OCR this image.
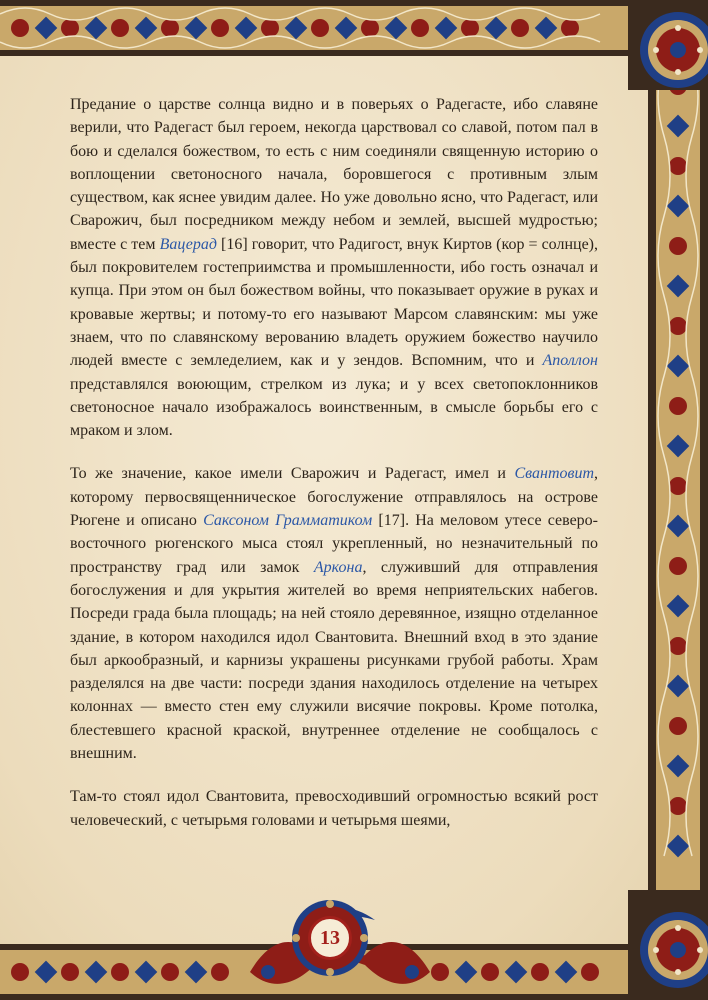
Предание о царстве солнца видно и в поверьях о Радегасте, ибо славяне верили, что Радегаст был героем, некогда царствовал со славой, потом пал в бою и сделался божеством, то есть с ним соединяли священную историю о воплощении светоносного начала, боровшегося с противным злым существом, как яснее увидим далее. Но уже довольно ясно, что Радегаст, или Сварожич, был посредником между небом и землей, высшей мудростью; вместе с тем Вацерад [16] говорит, что Радигост, внук Киртов (кор = солнце), был покровителем гостеприимства и промышленности, ибо гость означал и купца. При этом он был божеством войны, что показывает оружие в руках и кровавые жертвы; и потому-то его называют Марсом славянским: мы уже знаем, что по славянскому верованию владеть оружием божество научило людей вместе с земледелием, как и у зендов. Вспомним, что и Аполлон представлялся воюющим, стрелком из лука; и у всех светопоклонников светоносное начало изображалось воинственным, в смысле борьбы его с мраком и злом.

То же значение, какое имели Сварожич и Радегаст, имел и Свантовит, которому первосвященническое богослужение отправлялось на острове Рюгене и описано Саксоном Грамматиком [17]. На меловом утесе северо-восточного рюгенского мыса стоял укрепленный, но незначительный по пространству град или замок Аркона, служивший для отправления богослужения и для укрытия жителей во время неприятельских набегов. Посреди града была площадь; на ней стояло деревянное, изящно отделанное здание, в котором находился идол Свантовита. Внешний вход в это здание был аркообразный, и карнизы украшены рисунками грубой работы. Храм разделялся на две части: посреди здания находилось отделение на четырех колоннах — вместо стен ему служили висячие покровы. Кроме потолка, блестевшего красной краской, внутреннее отделение не сообщалось с внешним.

Там-то стоял идол Свантовита, превосходивший огромностью всякий рост человеческий, с четырьмя головами и четырьмя шеями,

13
